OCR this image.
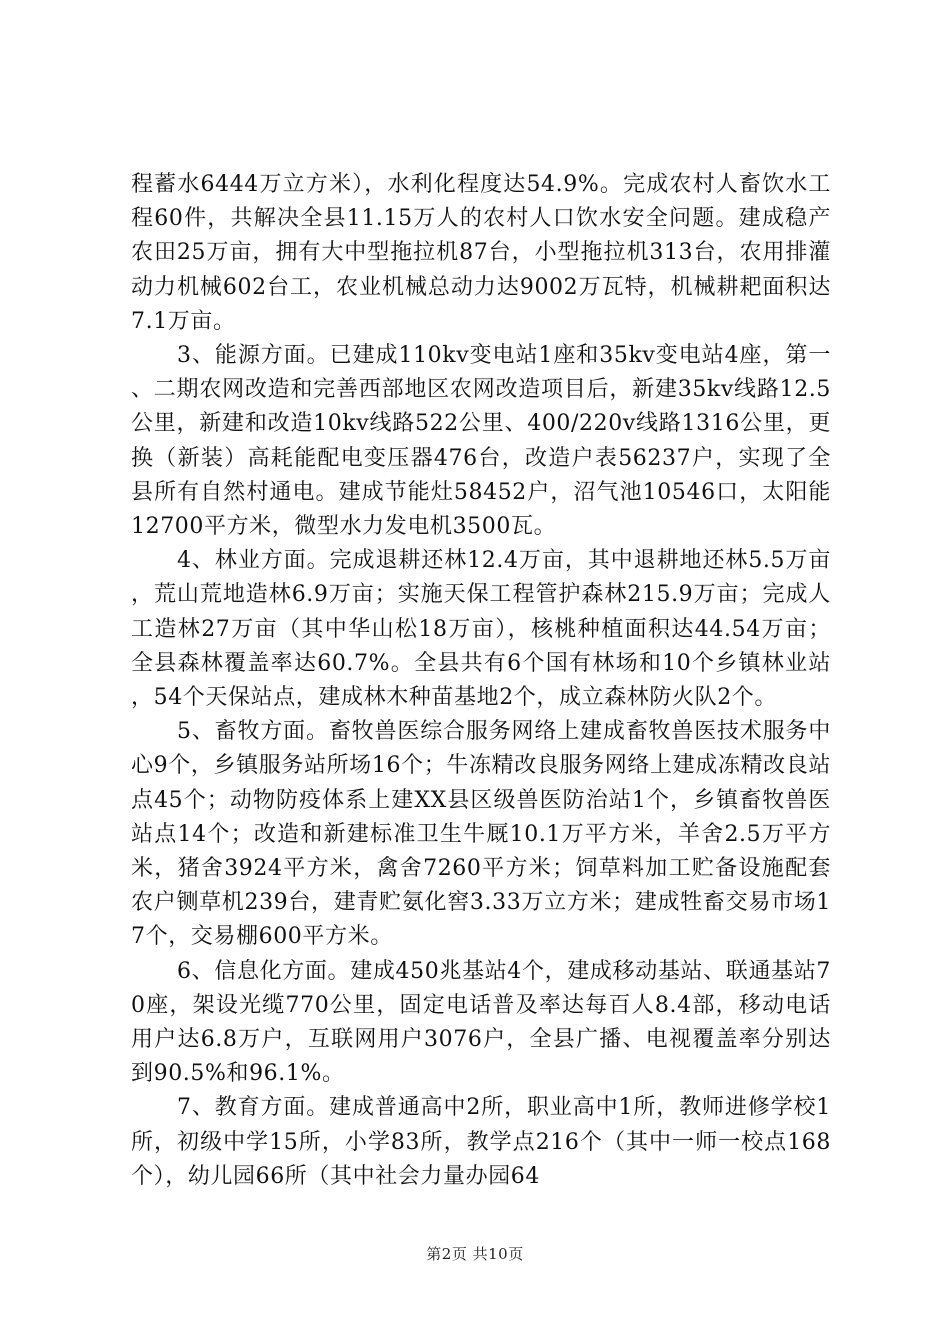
程蓄水6444万立方米），水利化程度达54.9%。完成农村人畜饮水工程60件，共解决全县11.15万人的农村人口饮水安全问题。建成稳产农田25万亩，拥有大中型拖拉机87台，小型拖拉机313台，农用排灌动力机械602台工，农业机械总动力达9002万瓦特，机械耕耙面积达7.1万亩。

3、能源方面。已建成110kv变电站1座和35kv变电站4座，第一、二期农网改造和完善西部地区农网改造项目后，新建35kv线路12.5公里，新建和改造10kv线路522公里、400/220v线路1316公里，更换（新装）高耗能配电变压器476台，改造户表56237户，实现了全县所有自然村通电。建成节能灶58452户，沼气池10546口，太阳能12700平方米，微型水力发电机3500瓦。

4、林业方面。完成退耕还林12.4万亩，其中退耕地还林5.5万亩，荒山荒地造林6.9万亩；实施天保工程管护森林215.9万亩；完成人工造林27万亩（其中华山松18万亩），核桃种植面积达44.54万亩；全县森林覆盖率达60.7%。全县共有6个国有林场和10个乡镇林业站，54个天保站点，建成林木种苗基地2个，成立森林防火队2个。

5、畜牧方面。畜牧兽医综合服务网络上建成畜牧兽医技术服务中心9个，乡镇服务站所场16个；牛冻精改良服务网络上建成冻精改良站点45个；动物防疫体系上建XX县区级兽医防治站1个，乡镇畜牧兽医站点14个；改造和新建标准卫生牛厩10.1万平方米，羊舍2.5万平方米，猪舍3924平方米，禽舍7260平方米；饲草料加工贮备设施配套农户铡草机239台，建青贮氨化窖3.33万立方米；建成牲畜交易市场17个，交易棚600平方米。

6、信息化方面。建成450兆基站4个，建成移动基站、联通基站70座，架设光缆770公里，固定电话普及率达每百人8.4部，移动电话用户达6.8万户，互联网用户3076户，全县广播、电视覆盖率分别达到90.5%和96.1%。

7、教育方面。建成普通高中2所，职业高中1所，教师进修学校1所，初级中学15所，小学83所，教学点216个（其中一师一校点168个），幼儿园66所（其中社会力量办园64

第2页 共10页
